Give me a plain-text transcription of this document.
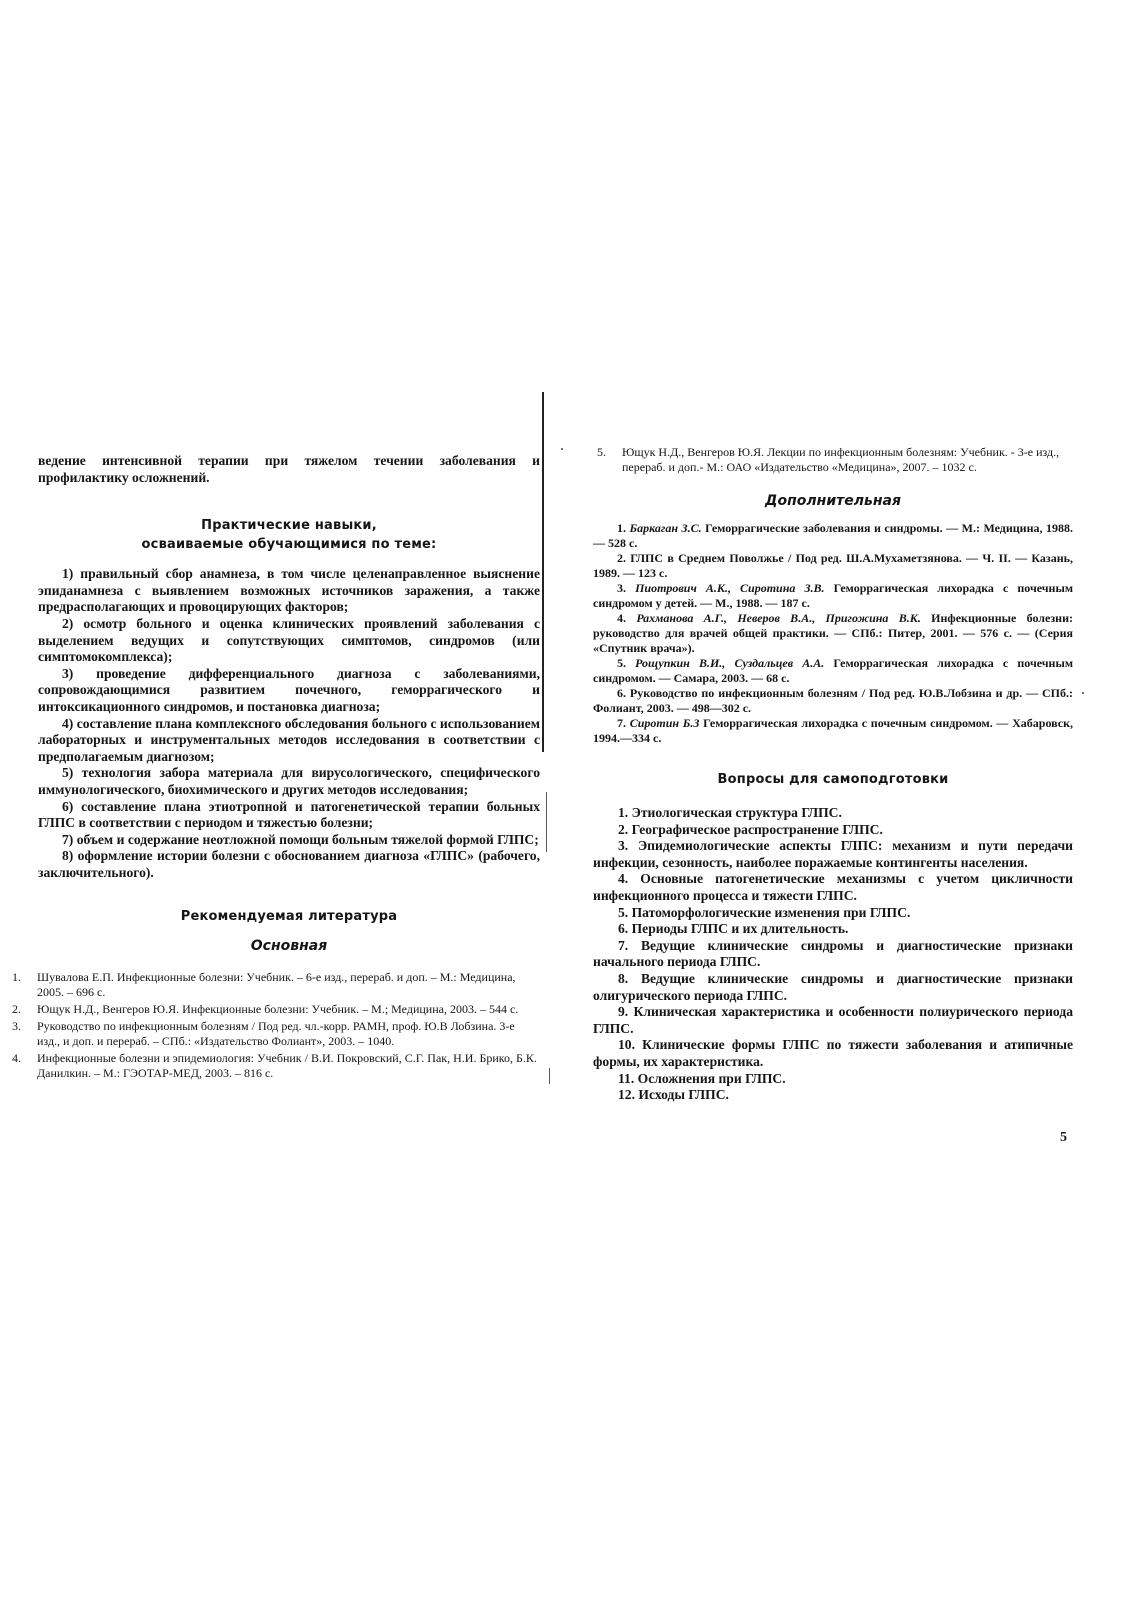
ведение интенсивной терапии при тяжелом течении заболевания и профилактику осложнений.

Практические навыки,

осваиваемые обучающимися по теме:

1) правильный сбор анамнеза, в том числе целенаправленное выяснение эпиданамнеза с выявлением возможных источников заражения, а также предрасполагающих и провоцирующих факторов;
2) осмотр больного и оценка клинических проявлений заболевания с выделением ведущих и сопутствующих симптомов, синдромов (или симптомокомплекса);
3) проведение дифференциального диагноза с заболеваниями, сопровождающимися развитием почечного, геморрагического и интоксикационного синдромов, и постановка диагноза;
4) составление плана комплексного обследования больного с использованием лабораторных и инструментальных методов исследования в соответствии с предполагаемым диагнозом;
5) технология забора материала для вирусологического, специфического иммунологического, биохимического и других методов исследования;
6) составление плана этиотропной и патогенетической терапии больных ГЛПС в соответствии с периодом и тяжестью болезни;
7) объем и содержание неотложной помощи больным тяжелой формой ГЛПС;
8) оформление истории болезни с обоснованием диагноза «ГЛПС» (рабочего, заключительного).

Рекомендуемая литература

Основная

1. Шувалова Е.П. Инфекционные болезни: Учебник. – 6-е изд., перераб. и доп. – М.: Медицина, 2005. – 696 с.
2. Ющук Н.Д., Венгеров Ю.Я. Инфекционные болезни: Учебник. – М.; Медицина, 2003. – 544 с.
3. Руководство по инфекционным болезням / Под ред. чл.-корр. РАМН, проф. Ю.В Лобзина. 3-е изд., и доп. и перераб. – СПб.: «Издательство Фолиант», 2003. – 1040.
4. Инфекционные болезни и эпидемиология: Учебник / В.И. Покровский, С.Г. Пак, Н.И. Брико, Б.К. Данилкин. – М.: ГЭОТАР-МЕД, 2003. – 816 с.
5. Ющук Н.Д., Венгеров Ю.Я. Лекции по инфекционным болезням: Учебник. - 3-е изд., перераб. и доп.- М.: ОАО «Издательство «Медицина», 2007. – 1032 с.

Дополнительная

1. Баркаган З.С. Геморрагические заболевания и синдромы. — М.: Медицина, 1988. — 528 с.
2. ГЛПС в Среднем Поволжье / Под ред. Ш.А.Мухаметзянова. — Ч. II. — Казань, 1989. — 123 с.
3. Пиотрович А.К., Сиротина З.В. Геморрагическая лихорадка с почечным синдромом у детей. — М., 1988. — 187 с.
4. Рахманова А.Г., Неверов В.А., Пригожина В.К. Инфекционные болезни: руководство для врачей общей практики. — СПб.: Питер, 2001. — 576 с. — (Серия «Спутник врача»).
5. Рощупкин В.И., Суздальцев А.А. Геморрагическая лихорадка с почечным синдромом. — Самара, 2003. — 68 с.
6. Руководство по инфекционным болезням / Под ред. Ю.В.Лобзина и др. — СПб.: Фолиант, 2003. — 498—302 с.
7. Сиротин Б.З Геморрагическая лихорадка с почечным синдромом. — Хабаровск, 1994.—334 с.

Вопросы для самоподготовки

1. Этиологическая структура ГЛПС.
2. Географическое распространение ГЛПС.
3. Эпидемиологические аспекты ГЛПС: механизм и пути передачи инфекции, сезонность, наиболее поражаемые контингенты населения.
4. Основные патогенетические механизмы с учетом цикличности инфекционного процесса и тяжести ГЛПС.
5. Патоморфологические изменения при ГЛПС.
6. Периоды ГЛПС и их длительность.
7. Ведущие клинические синдромы и диагностические признаки начального периода ГЛПС.
8. Ведущие клинические синдромы и диагностические признаки олигурического периода ГЛПС.
9. Клиническая характеристика и особенности полиурического периода ГЛПС.
10. Клинические формы ГЛПС по тяжести заболевания и атипичные формы, их характеристика.
11. Осложнения при ГЛПС.
12. Исходы ГЛПС.
5
